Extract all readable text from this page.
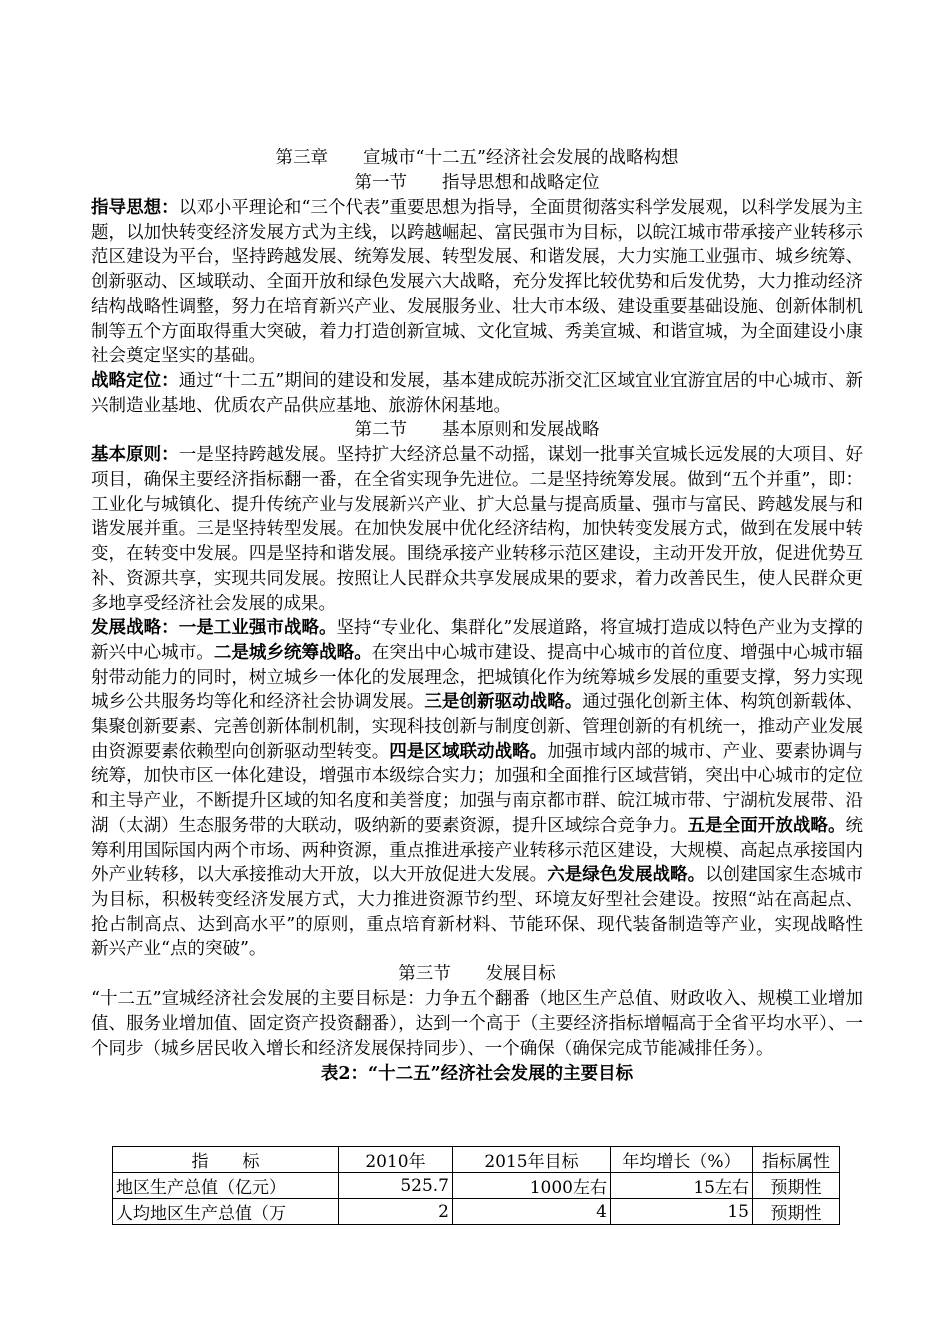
第三章　　宣城市“十二五”经济社会发展的战略构想
第一节　　指导思想和战略定位

指导思想：以邓小平理论和“三个代表”重要思想为指导，全面贯彻落实科学发展观，以科学发展为主题，以加快转变经济发展方式为主线，以跨越崛起、富民强市为目标，以皖江城市带承接产业转移示范区建设为平台，坚持跨越发展、统筹发展、转型发展、和谐发展，大力实施工业强市、城乡统筹、创新驱动、区域联动、全面开放和绿色发展六大战略，充分发挥比较优势和后发优势，大力推动经济结构战略性调整，努力在培育新兴产业、发展服务业、壮大市本级、建设重要基础设施、创新体制机制等五个方面取得重大突破，着力打造创新宣城、文化宣城、秀美宣城、和谐宣城，为全面建设小康社会奠定坚实的基础。

战略定位：通过“十二五”期间的建设和发展，基本建成皖苏浙交汇区域宜业宜游宜居的中心城市、新兴制造业基地、优质农产品供应基地、旅游休闲基地。

第二节　　基本原则和发展战略

基本原则：一是坚持跨越发展。坚持扩大经济总量不动摇，谋划一批事关宣城长远发展的大项目、好项目，确保主要经济指标翻一番，在全省实现争先进位。二是坚持统筹发展。做到“五个并重”，即：工业化与城镇化、提升传统产业与发展新兴产业、扩大总量与提高质量、强市与富民、跨越发展与和谐发展并重。三是坚持转型发展。在加快发展中优化经济结构，加快转变发展方式，做到在发展中转变，在转变中发展。四是坚持和谐发展。围绕承接产业转移示范区建设，主动开发开放，促进优势互补、资源共享，实现共同发展。按照让人民群众共享发展成果的要求，着力改善民生，使人民群众更多地享受经济社会发展的成果。

发展战略：一是工业强市战略。坚持“专业化、集群化”发展道路，将宣城打造成以特色产业为支撑的新兴中心城市。二是城乡统筹战略。在突出中心城市建设、提高中心城市的首位度、增强中心城市辐射带动能力的同时，树立城乡一体化的发展理念，把城镇化作为统筹城乡发展的重要支撑，努力实现城乡公共服务均等化和经济社会协调发展。三是创新驱动战略。通过强化创新主体、构筑创新载体、集聚创新要素、完善创新体制机制，实现科技创新与制度创新、管理创新的有机统一，推动产业发展由资源要素依赖型向创新驱动型转变。四是区域联动战略。加强市域内部的城市、产业、要素协调与统筹，加快市区一体化建设，增强市本级综合实力；加强和全面推行区域营销，突出中心城市的定位和主导产业，不断提升区域的知名度和美誉度；加强与南京都市群、皖江城市带、宁湖杭发展带、沿湖（太湖）生态服务带的大联动，吸纳新的要素资源，提升区域综合竞争力。五是全面开放战略。统筹利用国际国内两个市场、两种资源，重点推进承接产业转移示范区建设，大规模、高起点承接国内外产业转移，以大承接推动大开放，以大开放促进大发展。六是绿色发展战略。以创建国家生态城市为目标，积极转变经济发展方式，大力推进资源节约型、环境友好型社会建设。按照“站在高起点、抢占制高点、达到高水平”的原则，重点培育新材料、节能环保、现代装备制造等产业，实现战略性新兴产业“点的突破”。

第三节　　发展目标

“十二五”宣城经济社会发展的主要目标是：力争五个翻番（地区生产总值、财政收入、规模工业增加值、服务业增加值、固定资产投资翻番），达到一个高于（主要经济指标增幅高于全省平均水平）、一个同步（城乡居民收入增长和经济发展保持同步）、一个确保（确保完成节能减排任务）。

表2：“十二五”经济社会发展的主要目标
指　　标	2010年	2015年目标	年均增长（%）	指标属性
地区生产总值（亿元）	525.7	1000左右	15左右	预期性
人均地区生产总值（万	2	4	15	预期性
